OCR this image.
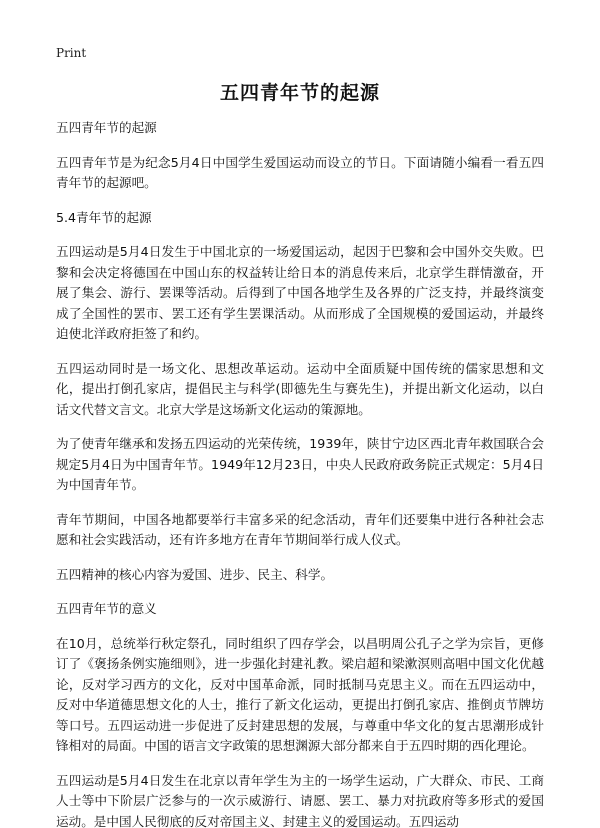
Print
五四青年节的起源

五四青年节的起源

五四青年节是为纪念5月4日中国学生爱国运动而设立的节日。下面请随小编看一看五四青年节的起源吧。

5.4青年节的起源

五四运动是5月4日发生于中国北京的一场爱国运动，起因于巴黎和会中国外交失败。巴黎和会决定将德国在中国山东的权益转让给日本的消息传来后，北京学生群情激奋，开展了集会、游行、罢课等活动。后得到了中国各地学生及各界的广泛支持，并最终演变成了全国性的罢市、罢工还有学生罢课活动。从而形成了全国规模的爱国运动，并最终迫使北洋政府拒签了和约。

五四运动同时是一场文化、思想改革运动。运动中全面质疑中国传统的儒家思想和文化，提出打倒孔家店，提倡民主与科学(即德先生与赛先生)，并提出新文化运动，以白话文代替文言文。北京大学是这场新文化运动的策源地。

为了使青年继承和发扬五四运动的光荣传统，1939年，陕甘宁边区西北青年救国联合会规定5月4日为中国青年节。1949年12月23日，中央人民政府政务院正式规定：5月4日为中国青年节。

青年节期间，中国各地都要举行丰富多采的纪念活动，青年们还要集中进行各种社会志愿和社会实践活动，还有许多地方在青年节期间举行成人仪式。

五四精神的核心内容为爱国、进步、民主、科学。

五四青年节的意义

在10月，总统举行秋定祭孔，同时组织了四存学会，以昌明周公孔子之学为宗旨，更修订了《褒扬条例实施细则》，进一步强化封建礼教。梁启超和梁漱溟则高唱中国文化优越论，反对学习西方的文化，反对中国革命派，同时抵制马克思主义。而在五四运动中，反对中华道德思想文化的人士，推行了新文化运动，更提出打倒孔家店、推倒贞节牌坊等口号。五四运动进一步促进了反封建思想的发展，与尊重中华文化的复古思潮形成针锋相对的局面。中国的语言文字政策的思想渊源大部分都来自于五四时期的西化理论。

五四运动是5月4日发生在北京以青年学生为主的一场学生运动，广大群众、市民、工商人士等中下阶层广泛参与的一次示威游行、请愿、罢工、暴力对抗政府等多形式的爱国运动。是中国人民彻底的反对帝国主义、封建主义的爱国运动。五四运动
